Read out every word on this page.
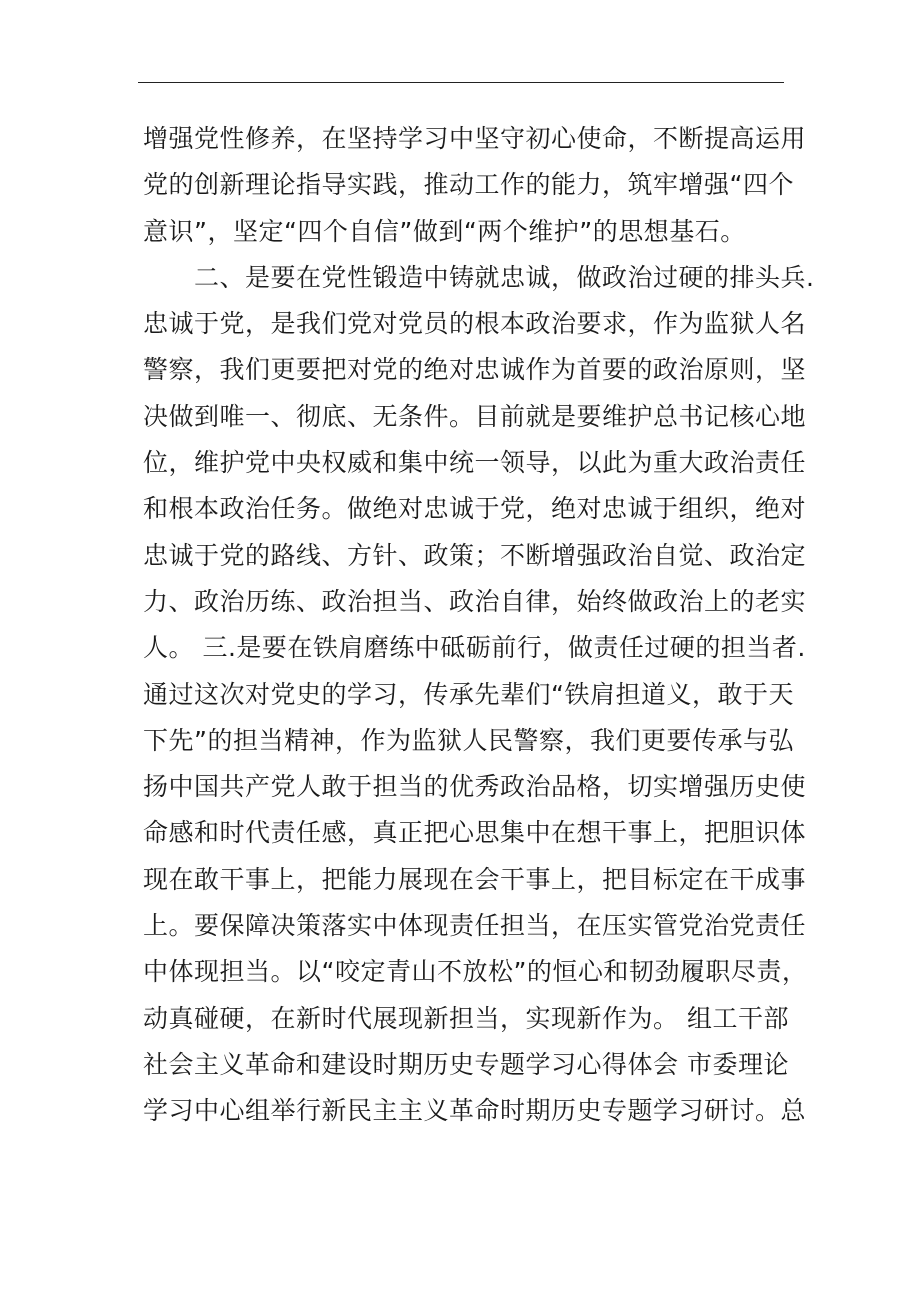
增强党性修养，在坚持学习中坚守初心使命，不断提高运用
党的创新理论指导实践，推动工作的能力，筑牢增强“四个
意识”，坚定“四个自信”做到“两个维护”的思想基石。
　　二、是要在党性锻造中铸就忠诚，做政治过硬的排头兵.
忠诚于党，是我们党对党员的根本政治要求，作为监狱人名
警察，我们更要把对党的绝对忠诚作为首要的政治原则，坚
决做到唯一、彻底、无条件。目前就是要维护总书记核心地
位，维护党中央权威和集中统一领导，以此为重大政治责任
和根本政治任务。做绝对忠诚于党，绝对忠诚于组织，绝对
忠诚于党的路线、方针、政策；不断增强政治自觉、政治定
力、政治历练、政治担当、政治自律，始终做政治上的老实
人。 三.是要在铁肩磨练中砥砺前行，做责任过硬的担当者.
通过这次对党史的学习，传承先辈们“铁肩担道义，敢于天
下先”的担当精神，作为监狱人民警察，我们更要传承与弘
扬中国共产党人敢于担当的优秀政治品格，切实增强历史使
命感和时代责任感，真正把心思集中在想干事上，把胆识体
现在敢干事上，把能力展现在会干事上，把目标定在干成事
上。要保障决策落实中体现责任担当，在压实管党治党责任
中体现担当。以“咬定青山不放松”的恒心和韧劲履职尽责，
动真碰硬，在新时代展现新担当，实现新作为。 组工干部
社会主义革命和建设时期历史专题学习心得体会 市委理论
学习中心组举行新民主主义革命时期历史专题学习研讨。总
